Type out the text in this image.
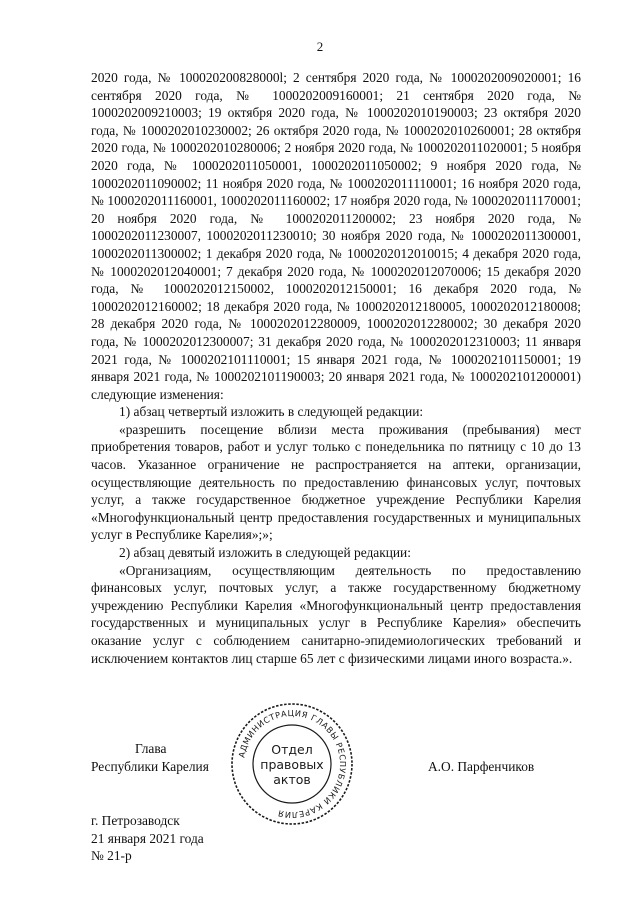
2

2020 года, № 100020200828000l; 2 сентября 2020 года, № 1000202009020001; 16 сентября 2020 года, № 1000202009160001; 21 сентября 2020 года, № 1000202009210003; 19 октября 2020 года, № 1000202010190003; 23 октября 2020 года, № 1000202010230002; 26 октября 2020 года, № 1000202010260001; 28 октября 2020 года, № 1000202010280006; 2 ноября 2020 года, № 1000202011020001; 5 ноября 2020 года, № 1000202011050001, 1000202011050002; 9 ноября 2020 года, № 1000202011090002; 11 ноября 2020 года, № 1000202011110001; 16 ноября 2020 года, № 1000202011160001, 1000202011160002; 17 ноября 2020 года, № 1000202011170001; 20 ноября 2020 года, № 1000202011200002; 23 ноября 2020 года, № 1000202011230007, 1000202011230010; 30 ноября 2020 года, № 1000202011300001, 1000202011300002; 1 декабря 2020 года, № 1000202012010015; 4 декабря 2020 года, № 1000202012040001; 7 декабря 2020 года, № 1000202012070006; 15 декабря 2020 года, № 1000202012150002, 1000202012150001; 16 декабря 2020 года, № 1000202012160002; 18 декабря 2020 года, № 1000202012180005, 1000202012180008; 28 декабря 2020 года, № 1000202012280009, 1000202012280002; 30 декабря 2020 года, № 1000202012300007; 31 декабря 2020 года, № 1000202012310003; 11 января 2021 года, № 1000202101110001; 15 января 2021 года, № 1000202101150001; 19 января 2021 года, № 1000202101190003; 20 января 2021 года, № 1000202101200001) следующие изменения:

1) абзац четвертый изложить в следующей редакции:

«разрешить посещение вблизи места проживания (пребывания) мест приобретения товаров, работ и услуг только с понедельника по пятницу с 10 до 13 часов. Указанное ограничение не распространяется на аптеки, организации, осуществляющие деятельность по предоставлению финансовых услуг, почтовых услуг, а также государственное бюджетное учреждение Республики Карелия «Многофункциональный центр предоставления государственных и муниципальных услуг в Республике Карелия»;»;

2) абзац девятый изложить в следующей редакции:

«Организациям, осуществляющим деятельность по предоставлению финансовых услуг, почтовых услуг, а также государственному бюджетному учреждению Республики Карелия «Многофункциональный центр предоставления государственных и муниципальных услуг в Республике Карелия» обеспечить оказание услуг с соблюдением санитарно-эпидемиологических требований и исключением контактов лиц старше 65 лет с физическими лицами иного возраста.».

Глава
Республики Карелия	А.О. Парфенчиков
АДМИНИСТРАЦИЯ ГЛАВЫ РЕСПУБЛИКИ КАРЕЛИЯ
Отдел
правовых
актов
г. Петрозаводск
21 января 2021 года
№ 21-р
